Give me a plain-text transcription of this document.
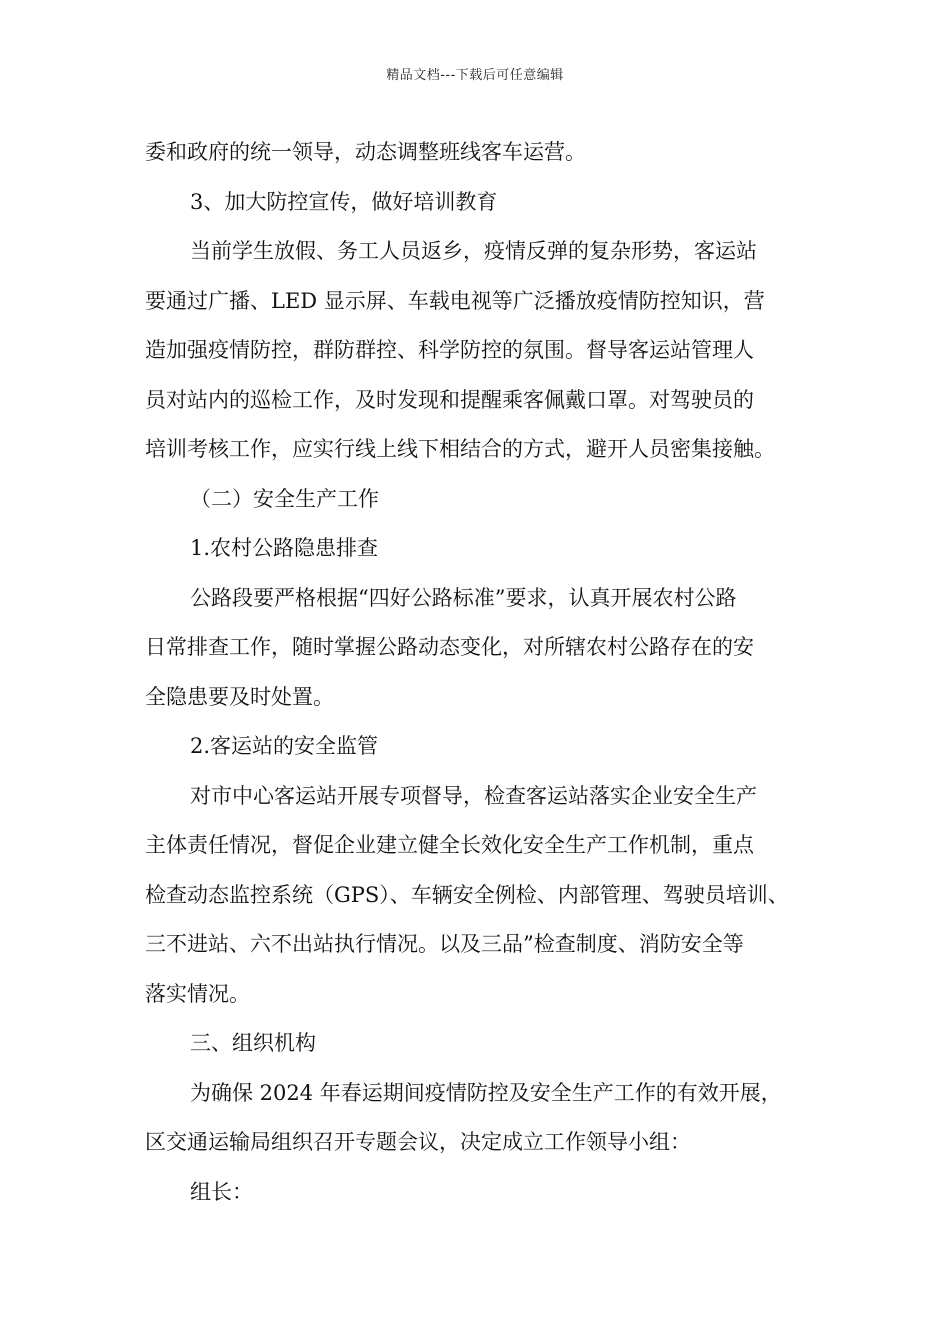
精品文档---下载后可任意编辑
委和政府的统一领导，动态调整班线客车运营。
3、加大防控宣传，做好培训教育
当前学生放假、务工人员返乡，疫情反弹的复杂形势，客运站
要通过广播、LED 显示屏、车载电视等广泛播放疫情防控知识，营
造加强疫情防控，群防群控、科学防控的氛围。督导客运站管理人
员对站内的巡检工作，及时发现和提醒乘客佩戴口罩。对驾驶员的
培训考核工作，应实行线上线下相结合的方式，避开人员密集接触。
（二）安全生产工作
1.农村公路隐患排查
公路段要严格根据“四好公路标准”要求，认真开展农村公路
日常排查工作，随时掌握公路动态变化，对所辖农村公路存在的安
全隐患要及时处置。
2.客运站的安全监管
对市中心客运站开展专项督导，检查客运站落实企业安全生产
主体责任情况，督促企业建立健全长效化安全生产工作机制，重点
检查动态监控系统（GPS）、车辆安全例检、内部管理、驾驶员培训、
三不进站、六不出站执行情况。以及三品”检查制度、消防安全等
落实情况。
三、组织机构
为确保 2024 年春运期间疫情防控及安全生产工作的有效开展，
区交通运输局组织召开专题会议，决定成立工作领导小组：
组长：
